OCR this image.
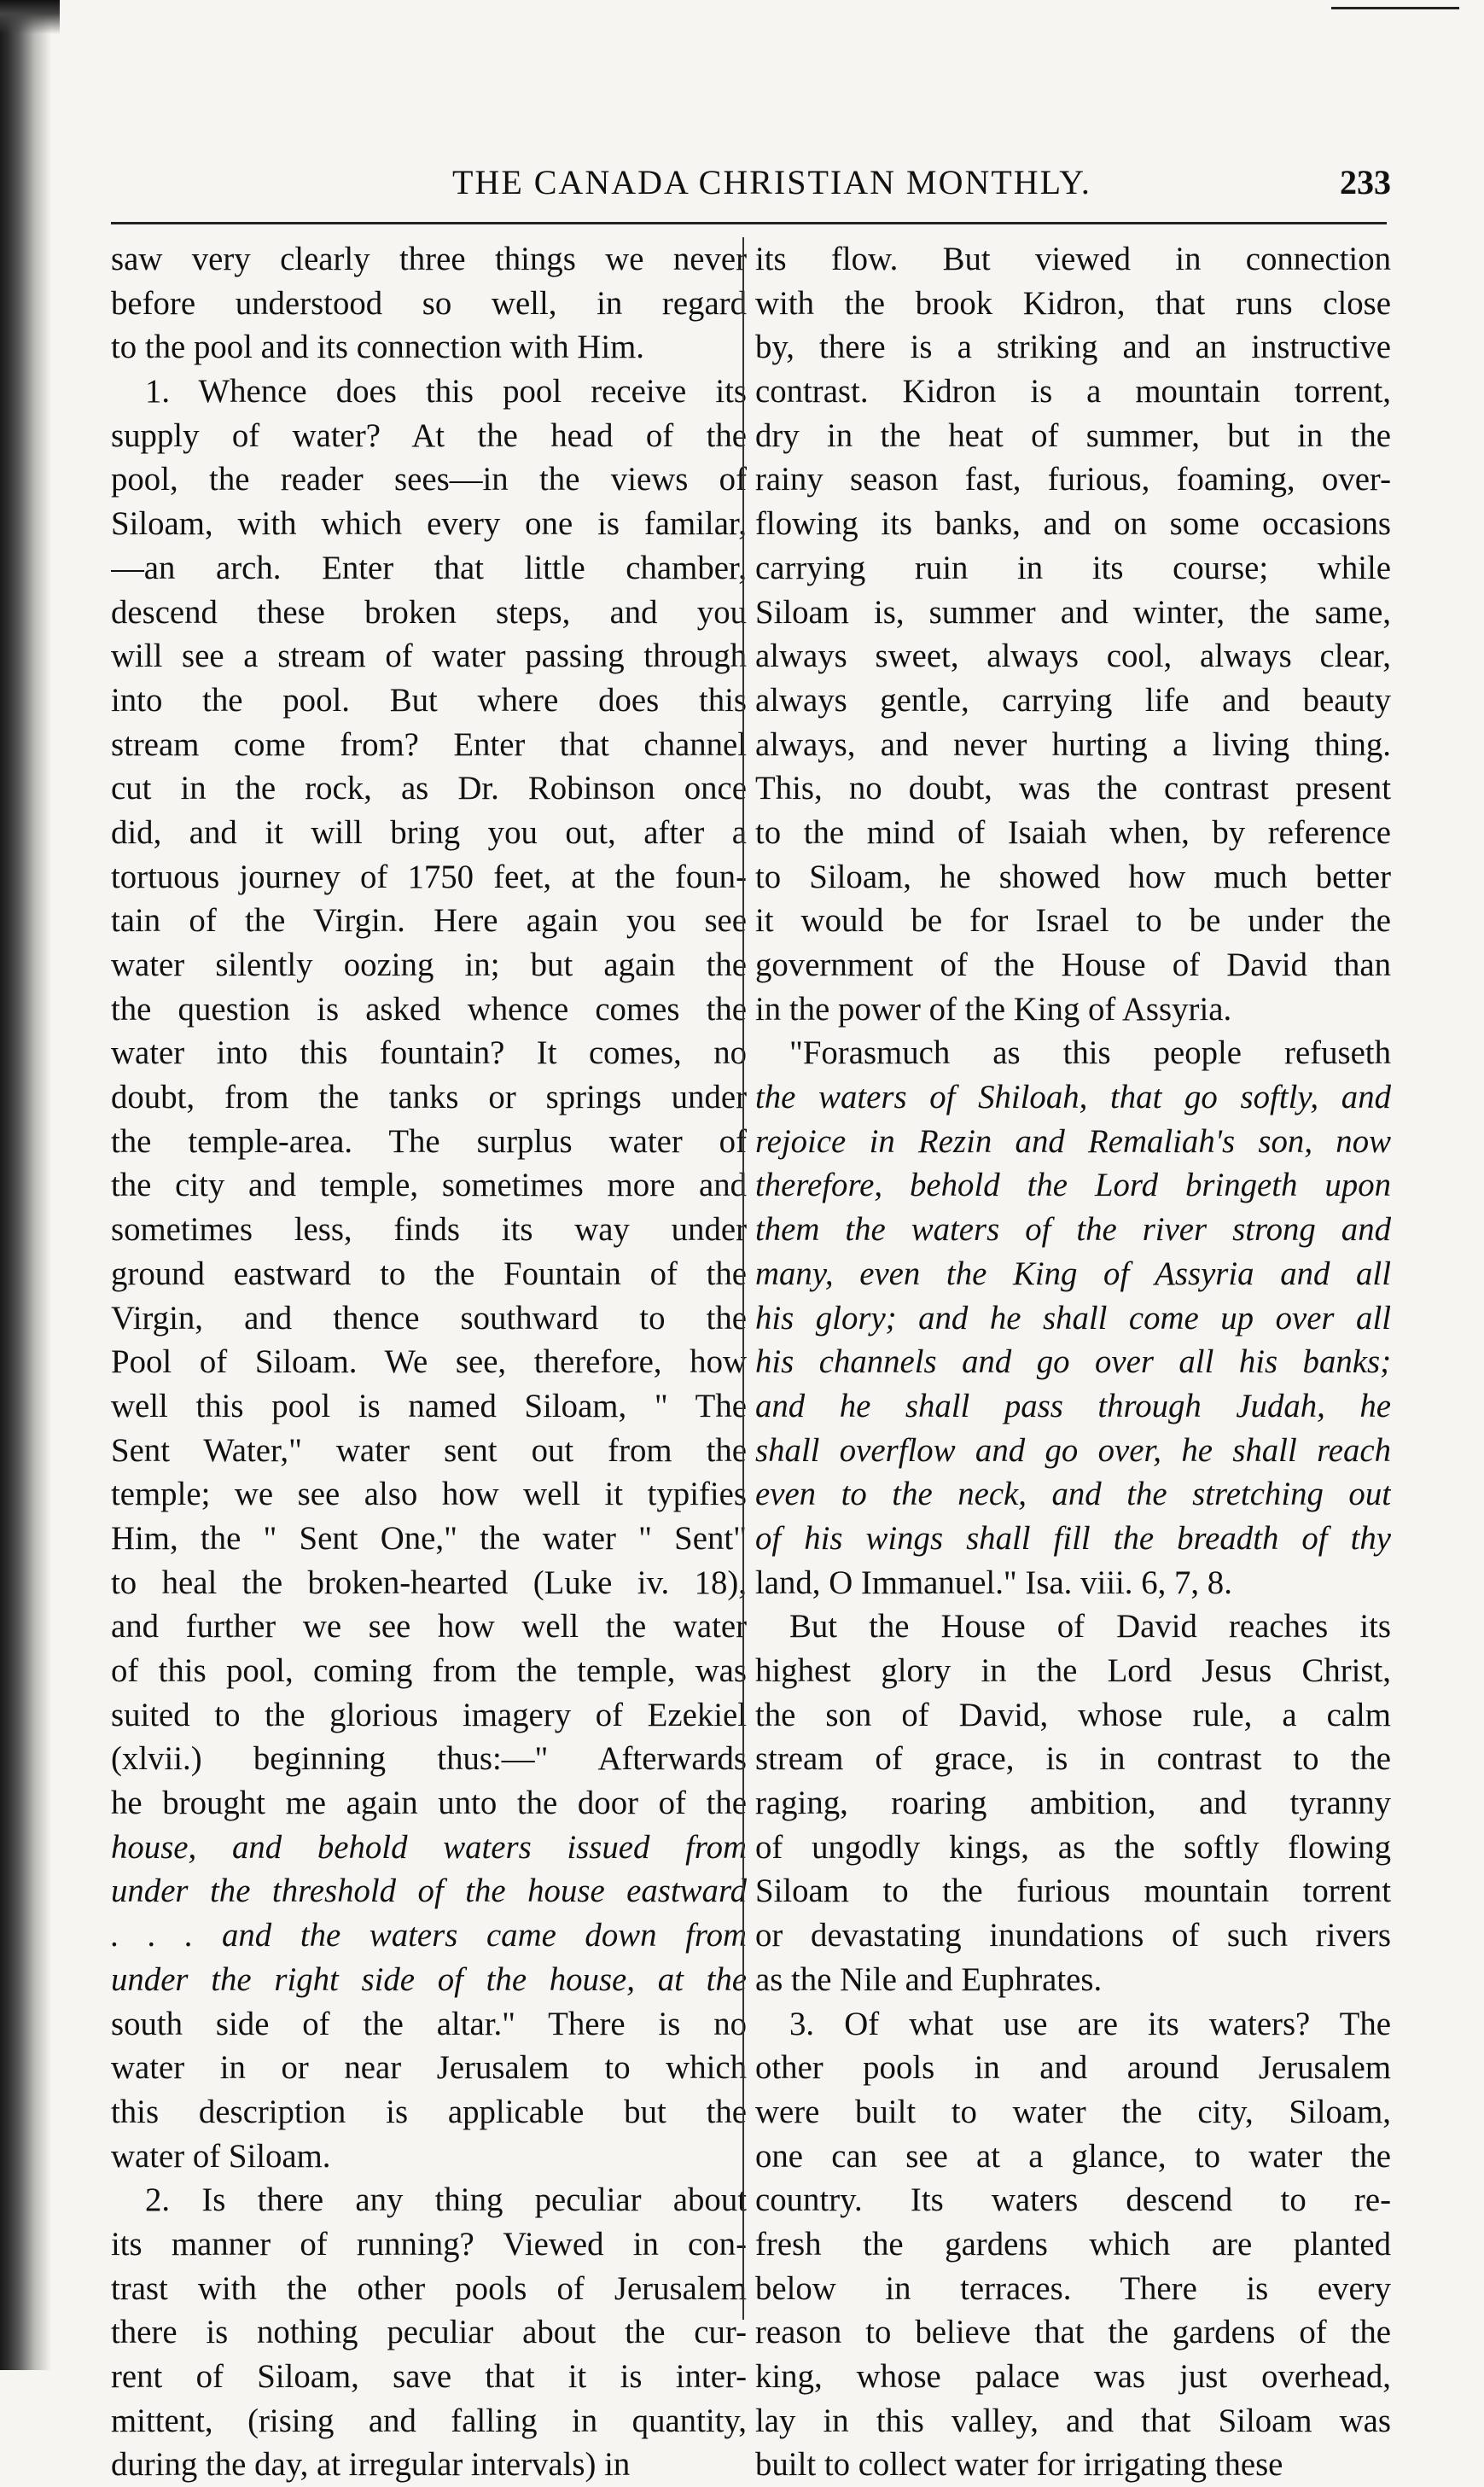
THE CANADA CHRISTIAN MONTHLY.	233
saw very clearly three things we never
before understood so well, in regard
to the pool and its connection with Him.
1. Whence does this pool receive its
supply of water? At the head of the
pool, the reader sees—in the views of
Siloam, with which every one is familar,
—an arch. Enter that little chamber,
descend these broken steps, and you
will see a stream of water passing through
into the pool. But where does this
stream come from? Enter that channel
cut in the rock, as Dr. Robinson once
did, and it will bring you out, after a
tortuous journey of 1750 feet, at the foun-
tain of the Virgin. Here again you see
water silently oozing in; but again the
the question is asked whence comes the
water into this fountain? It comes, no
doubt, from the tanks or springs under
the temple-area. The surplus water of
the city and temple, sometimes more and
sometimes less, finds its way under
ground eastward to the Fountain of the
Virgin, and thence southward to the
Pool of Siloam. We see, therefore, how
well this pool is named Siloam, " The
Sent Water," water sent out from the
temple; we see also how well it typifies
Him, the " Sent One," the water " Sent"
to heal the broken-hearted (Luke iv. 18),
and further we see how well the water
of this pool, coming from the temple, was
suited to the glorious imagery of Ezekiel
(xlvii.) beginning thus:—" Afterwards
he brought me again unto the door of the
house, and behold waters issued from
under the threshold of the house eastward
. . . and the waters came down from
under the right side of the house, at the
south side of the altar." There is no
water in or near Jerusalem to which
this description is applicable but the
water of Siloam.
2. Is there any thing peculiar about
its manner of running? Viewed in con-
trast with the other pools of Jerusalem
there is nothing peculiar about the cur-
rent of Siloam, save that it is inter-
mittent, (rising and falling in quantity,
during the day, at irregular intervals) in
its flow. But viewed in connection
with the brook Kidron, that runs close
by, there is a striking and an instructive
contrast. Kidron is a mountain torrent,
dry in the heat of summer, but in the
rainy season fast, furious, foaming, over-
flowing its banks, and on some occasions
carrying ruin in its course; while
Siloam is, summer and winter, the same,
always sweet, always cool, always clear,
always gentle, carrying life and beauty
always, and never hurting a living thing.
This, no doubt, was the contrast present
to the mind of Isaiah when, by reference
to Siloam, he showed how much better
it would be for Israel to be under the
government of the House of David than
in the power of the King of Assyria.
"Forasmuch as this people refuseth
the waters of Shiloah, that go softly, and
rejoice in Rezin and Remaliah's son, now
therefore, behold the Lord bringeth upon
them the waters of the river strong and
many, even the King of Assyria and all
his glory; and he shall come up over all
his channels and go over all his banks;
and he shall pass through Judah, he
shall overflow and go over, he shall reach
even to the neck, and the stretching out
of his wings shall fill the breadth of thy
land, O Immanuel." Isa. viii. 6, 7, 8.
But the House of David reaches its
highest glory in the Lord Jesus Christ,
the son of David, whose rule, a calm
stream of grace, is in contrast to the
raging, roaring ambition, and tyranny
of ungodly kings, as the softly flowing
Siloam to the furious mountain torrent
or devastating inundations of such rivers
as the Nile and Euphrates.
3. Of what use are its waters? The
other pools in and around Jerusalem
were built to water the city, Siloam,
one can see at a glance, to water the
country. Its waters descend to re-
fresh the gardens which are planted
below in terraces. There is every
reason to believe that the gardens of the
king, whose palace was just overhead,
lay in this valley, and that Siloam was
built to collect water for irrigating these
